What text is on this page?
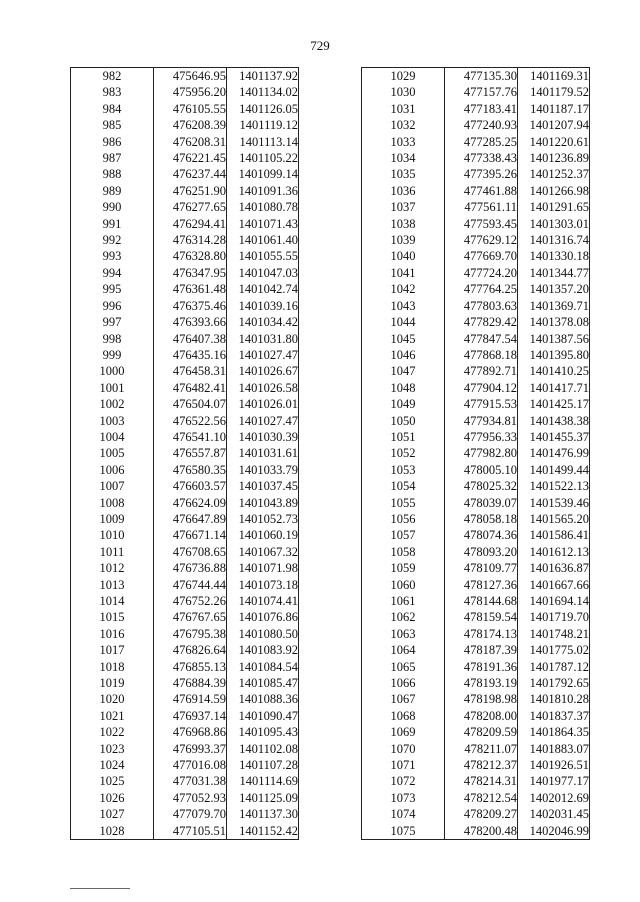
729
982	475646.95	1401137.92
983	475956.20	1401134.02
984	476105.55	1401126.05
985	476208.39	1401119.12
986	476208.31	1401113.14
987	476221.45	1401105.22
988	476237.44	1401099.14
989	476251.90	1401091.36
990	476277.65	1401080.78
991	476294.41	1401071.43
992	476314.28	1401061.40
993	476328.80	1401055.55
994	476347.95	1401047.03
995	476361.48	1401042.74
996	476375.46	1401039.16
997	476393.66	1401034.42
998	476407.38	1401031.80
999	476435.16	1401027.47
1000	476458.31	1401026.67
1001	476482.41	1401026.58
1002	476504.07	1401026.01
1003	476522.56	1401027.47
1004	476541.10	1401030.39
1005	476557.87	1401031.61
1006	476580.35	1401033.79
1007	476603.57	1401037.45
1008	476624.09	1401043.89
1009	476647.89	1401052.73
1010	476671.14	1401060.19
1011	476708.65	1401067.32
1012	476736.88	1401071.98
1013	476744.44	1401073.18
1014	476752.26	1401074.41
1015	476767.65	1401076.86
1016	476795.38	1401080.50
1017	476826.64	1401083.92
1018	476855.13	1401084.54
1019	476884.39	1401085.47
1020	476914.59	1401088.36
1021	476937.14	1401090.47
1022	476968.86	1401095.43
1023	476993.37	1401102.08
1024	477016.08	1401107.28
1025	477031.38	1401114.69
1026	477052.93	1401125.09
1027	477079.70	1401137.30
1028	477105.51	1401152.42
1029	477135.30	1401169.31
1030	477157.76	1401179.52
1031	477183.41	1401187.17
1032	477240.93	1401207.94
1033	477285.25	1401220.61
1034	477338.43	1401236.89
1035	477395.26	1401252.37
1036	477461.88	1401266.98
1037	477561.11	1401291.65
1038	477593.45	1401303.01
1039	477629.12	1401316.74
1040	477669.70	1401330.18
1041	477724.20	1401344.77
1042	477764.25	1401357.20
1043	477803.63	1401369.71
1044	477829.42	1401378.08
1045	477847.54	1401387.56
1046	477868.18	1401395.80
1047	477892.71	1401410.25
1048	477904.12	1401417.71
1049	477915.53	1401425.17
1050	477934.81	1401438.38
1051	477956.33	1401455.37
1052	477982.80	1401476.99
1053	478005.10	1401499.44
1054	478025.32	1401522.13
1055	478039.07	1401539.46
1056	478058.18	1401565.20
1057	478074.36	1401586.41
1058	478093.20	1401612.13
1059	478109.77	1401636.87
1060	478127.36	1401667.66
1061	478144.68	1401694.14
1062	478159.54	1401719.70
1063	478174.13	1401748.21
1064	478187.39	1401775.02
1065	478191.36	1401787.12
1066	478193.19	1401792.65
1067	478198.98	1401810.28
1068	478208.00	1401837.37
1069	478209.59	1401864.35
1070	478211.07	1401883.07
1071	478212.37	1401926.51
1072	478214.31	1401977.17
1073	478212.54	1402012.69
1074	478209.27	1402031.45
1075	478200.48	1402046.99
